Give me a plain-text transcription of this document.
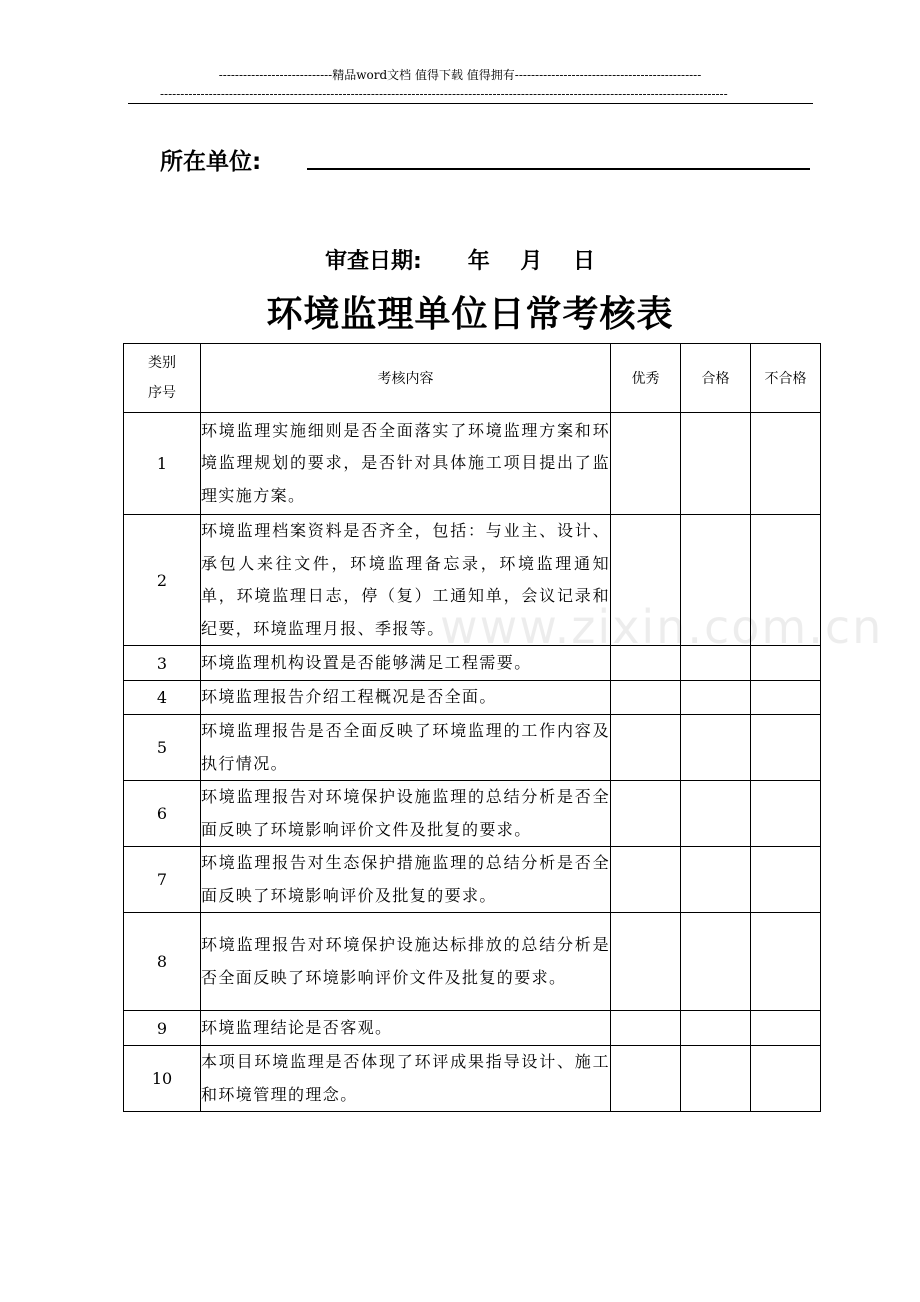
----------------------------精品word文档 值得下载 值得拥有----------------------------------------------
--------------------------------------------------------------------------------------------------------------------------------------------
所在单位:
审查日期:      年    月    日
环境监理单位日常考核表
www.zixin.com.cn
类别
序号	考核内容	优秀	合格	不合格
1	环境监理实施细则是否全面落实了环境监理方案和环境监理规划的要求，是否针对具体施工项目提出了监理实施方案。			
2	环境监理档案资料是否齐全，包括：与业主、设计、承包人来往文件，环境监理备忘录，环境监理通知单，环境监理日志，停（复）工通知单，会议记录和纪要，环境监理月报、季报等。			
3	环境监理机构设置是否能够满足工程需要。			
4	环境监理报告介绍工程概况是否全面。			
5	环境监理报告是否全面反映了环境监理的工作内容及执行情况。			
6	环境监理报告对环境保护设施监理的总结分析是否全面反映了环境影响评价文件及批复的要求。			
7	环境监理报告对生态保护措施监理的总结分析是否全面反映了环境影响评价及批复的要求。			
8	环境监理报告对环境保护设施达标排放的总结分析是否全面反映了环境影响评价文件及批复的要求。			
9	环境监理结论是否客观。			
10	本项目环境监理是否体现了环评成果指导设计、施工和环境管理的理念。			
